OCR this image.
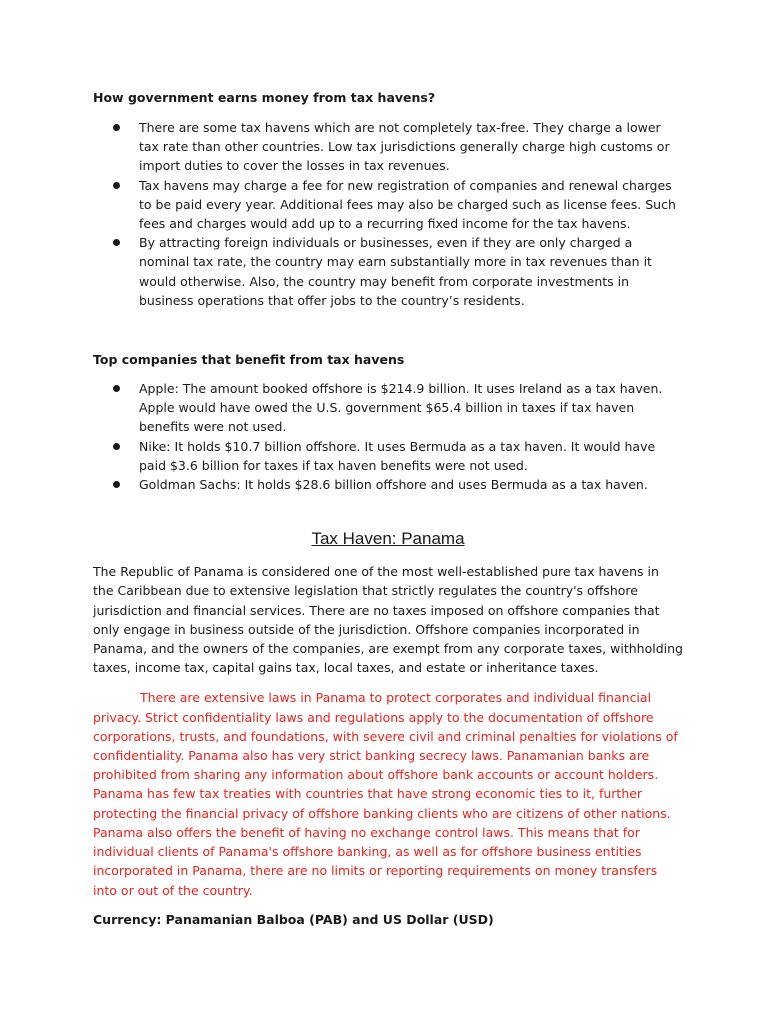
How government earns money from tax havens?

There are some tax havens which are not completely tax-free. They charge a lower tax rate than other countries. Low tax jurisdictions generally charge high customs or import duties to cover the losses in tax revenues.
Tax havens may charge a fee for new registration of companies and renewal charges to be paid every year. Additional fees may also be charged such as license fees. Such fees and charges would add up to a recurring fixed income for the tax havens.
By attracting foreign individuals or businesses, even if they are only charged a nominal tax rate, the country may earn substantially more in tax revenues than it would otherwise. Also, the country may benefit from corporate investments in business operations that offer jobs to the country’s residents.

Top companies that benefit from tax havens

Apple: The amount booked offshore is $214.9 billion. It uses Ireland as a tax haven. Apple would have owed the U.S. government $65.4 billion in taxes if tax haven benefits were not used.
Nike: It holds $10.7 billion offshore. It uses Bermuda as a tax haven. It would have paid $3.6 billion for taxes if tax haven benefits were not used.
Goldman Sachs: It holds $28.6 billion offshore and uses Bermuda as a tax haven.

Tax Haven: Panama

The Republic of Panama is considered one of the most well-established pure tax havens in the Caribbean due to extensive legislation that strictly regulates the country's offshore jurisdiction and financial services. There are no taxes imposed on offshore companies that only engage in business outside of the jurisdiction. Offshore companies incorporated in Panama, and the owners of the companies, are exempt from any corporate taxes, withholding taxes, income tax, capital gains tax, local taxes, and estate or inheritance taxes.

There are extensive laws in Panama to protect corporates and individual financial privacy. Strict confidentiality laws and regulations apply to the documentation of offshore corporations, trusts, and foundations, with severe civil and criminal penalties for violations of confidentiality. Panama also has very strict banking secrecy laws. Panamanian banks are prohibited from sharing any information about offshore bank accounts or account holders. Panama has few tax treaties with countries that have strong economic ties to it, further protecting the financial privacy of offshore banking clients who are citizens of other nations. Panama also offers the benefit of having no exchange control laws. This means that for individual clients of Panama's offshore banking, as well as for offshore business entities incorporated in Panama, there are no limits or reporting requirements on money transfers into or out of the country.

Currency: Panamanian Balboa (PAB) and US Dollar (USD)
